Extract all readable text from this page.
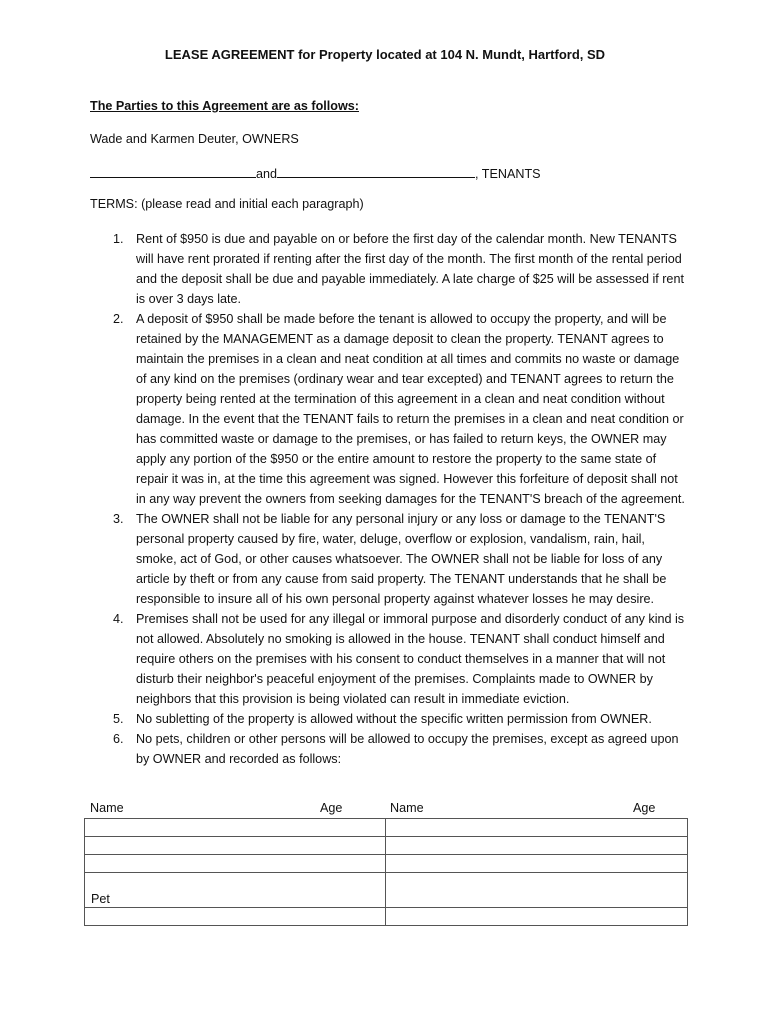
LEASE AGREEMENT for Property located at 104 N. Mundt, Hartford, SD
The Parties to this Agreement are as follows:
Wade and Karmen Deuter, OWNERS
and	, TENANTS
TERMS: (please read and initial each paragraph)
1. Rent of $950 is due and payable on or before the first day of the calendar month. New TENANTS will have rent prorated if renting after the first day of the month. The first month of the rental period and the deposit shall be due and payable immediately. A late charge of $25 will be assessed if rent is over 3 days late.
2. A deposit of $950 shall be made before the tenant is allowed to occupy the property, and will be retained by the MANAGEMENT as a damage deposit to clean the property. TENANT agrees to maintain the premises in a clean and neat condition at all times and commits no waste or damage of any kind on the premises (ordinary wear and tear excepted) and TENANT agrees to return the property being rented at the termination of this agreement in a clean and neat condition without damage. In the event that the TENANT fails to return the premises in a clean and neat condition or has committed waste or damage to the premises, or has failed to return keys, the OWNER may apply any portion of the $950 or the entire amount to restore the property to the same state of repair it was in, at the time this agreement was signed. However this forfeiture of deposit shall not in any way prevent the owners from seeking damages for the TENANT'S breach of the agreement.
3. The OWNER shall not be liable for any personal injury or any loss or damage to the TENANT'S personal property caused by fire, water, deluge, overflow or explosion, vandalism, rain, hail, smoke, act of God, or other causes whatsoever. The OWNER shall not be liable for loss of any article by theft or from any cause from said property. The TENANT understands that he shall be responsible to insure all of his own personal property against whatever losses he may desire.
4. Premises shall not be used for any illegal or immoral purpose and disorderly conduct of any kind is not allowed. Absolutely no smoking is allowed in the house. TENANT shall conduct himself and require others on the premises with his consent to conduct themselves in a manner that will not disturb their neighbor's peaceful enjoyment of the premises. Complaints made to OWNER by neighbors that this provision is being violated can result in immediate eviction.
5. No subletting of the property is allowed without the specific written permission from OWNER.
6. No pets, children or other persons will be allowed to occupy the premises, except as agreed upon by OWNER and recorded as follows:
Name	Age	Name	Age

Pet	
